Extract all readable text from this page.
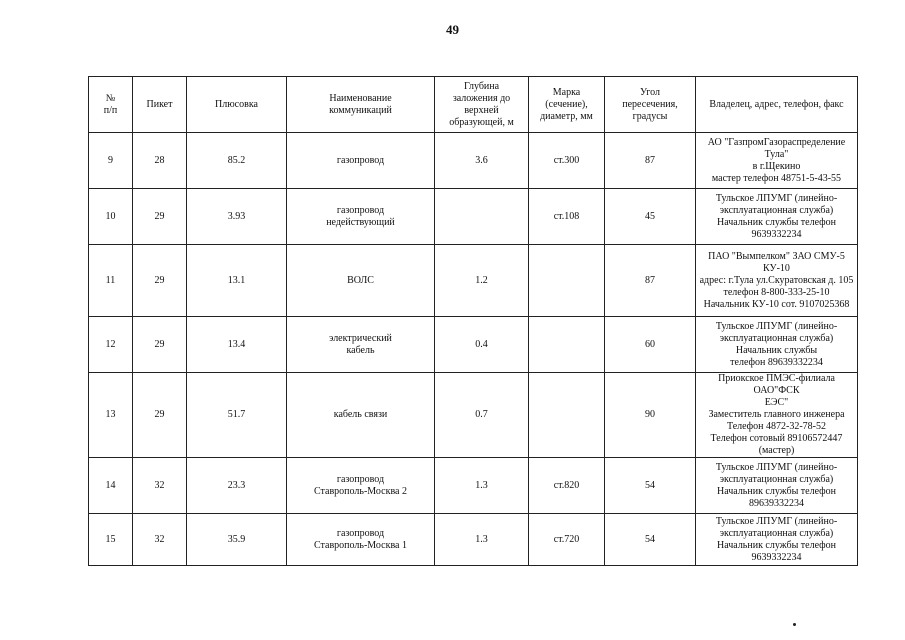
49
№
п/п	Пикет	Плюсовка	Наименование
коммуникаций	Глубина
заложения до
верхней
образующей, м	Марка
(сечение),
диаметр, мм	Угол
пересечения,
градусы	Владелец, адрес, телефон, факс

9	28	85.2	газопровод	3.6	ст.300	87	АО "ГазпромГазораспределение Тула"
в г.Щекино
мастер телефон 48751-5-43-55

10	29	3.93	газопровод
недействующий		ст.108	45	Тульское ЛПУМГ (линейно-
эксплуатационная служба)
Начальник службы телефон 9639332234

11	29	13.1	ВОЛС	1.2		87	ПАО "Вымпелком" ЗАО СМУ-5 КУ-10
адрес: г.Тула ул.Скуратовская д. 105
телефон 8-800-333-25-10
Начальник КУ-10 сот. 9107025368

12	29	13.4	электрический
кабель	0.4		60	Тульское ЛПУМГ (линейно-
эксплуатационная служба)
Начальник службы
телефон 89639332234

13	29	51.7	кабель связи	0.7		90	Приокское ПМЭС-филиала ОАО"ФСК
ЕЭС"
Заместитель главного инженера
Телефон 4872-32-78-52
Телефон сотовый 89106572447 (мастер)

14	32	23.3	газопровод
Ставрополь-Москва 2	1.3	ст.820	54	Тульское ЛПУМГ (линейно-
эксплуатационная служба)
Начальник службы телефон
89639332234

15	32	35.9	газопровод
Ставрополь-Москва 1	1.3	ст.720	54	Тульское ЛПУМГ (линейно-
эксплуатационная служба)
Начальник службы телефон 9639332234
